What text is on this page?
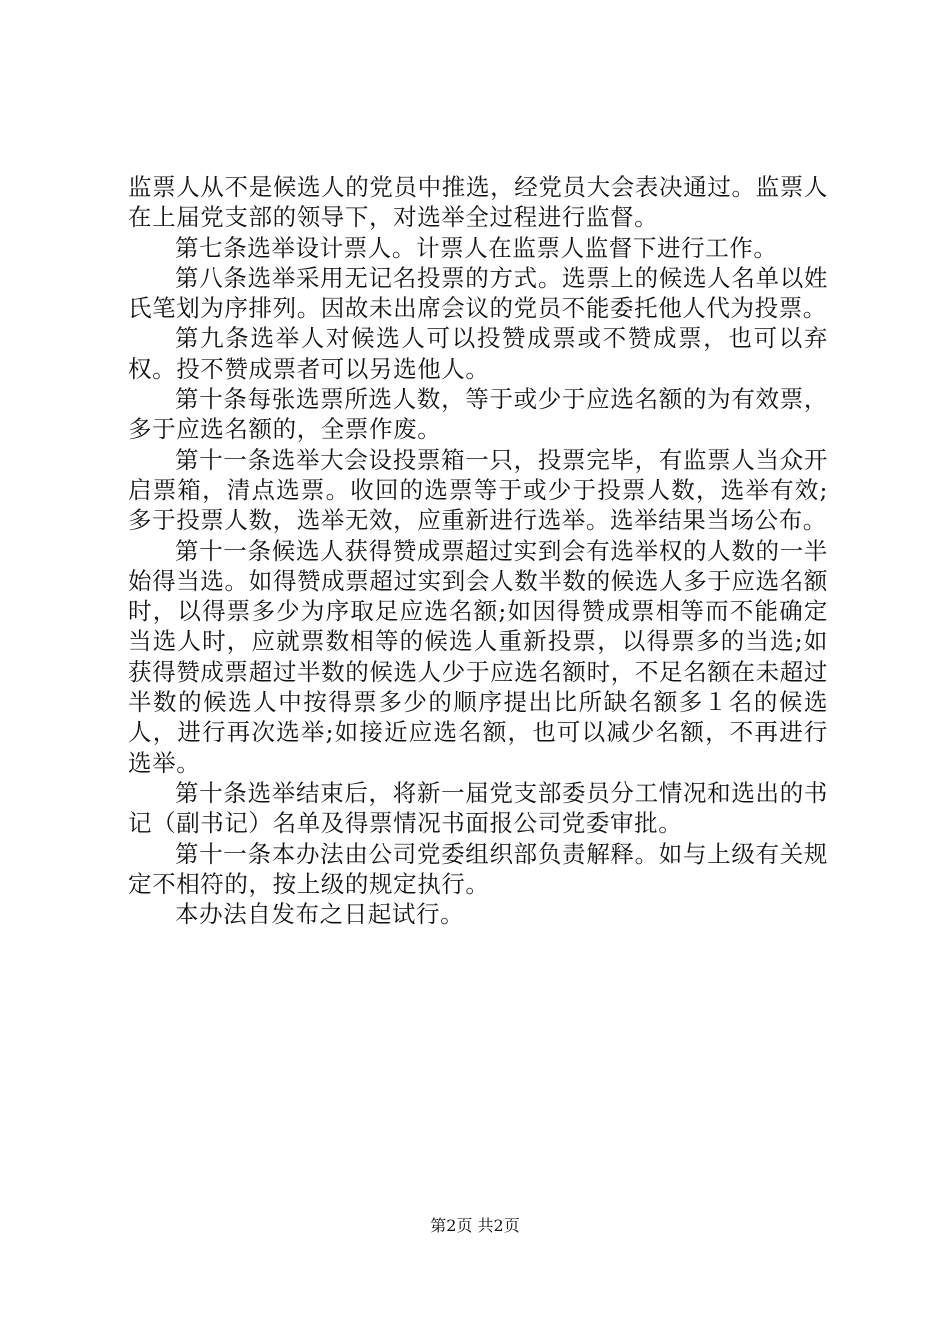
监票人从不是候选人的党员中推选，经党员大会表决通过。监票人在上届党支部的领导下，对选举全过程进行监督。

第七条选举设计票人。计票人在监票人监督下进行工作。

第八条选举采用无记名投票的方式。选票上的候选人名单以姓氏笔划为序排列。因故未出席会议的党员不能委托他人代为投票。

第九条选举人对候选人可以投赞成票或不赞成票，也可以弃权。投不赞成票者可以另选他人。

第十条每张选票所选人数，等于或少于应选名额的为有效票，多于应选名额的，全票作废。

第十一条选举大会设投票箱一只，投票完毕，有监票人当众开启票箱，清点选票。收回的选票等于或少于投票人数，选举有效;多于投票人数，选举无效，应重新进行选举。选举结果当场公布。

第十一条候选人获得赞成票超过实到会有选举权的人数的一半始得当选。如得赞成票超过实到会人数半数的候选人多于应选名额时，以得票多少为序取足应选名额;如因得赞成票相等而不能确定当选人时，应就票数相等的候选人重新投票，以得票多的当选;如获得赞成票超过半数的候选人少于应选名额时，不足名额在未超过半数的候选人中按得票多少的顺序提出比所缺名额多１名的候选人，进行再次选举;如接近应选名额，也可以减少名额，不再进行选举。

第十条选举结束后，将新一届党支部委员分工情况和选出的书记（副书记）名单及得票情况书面报公司党委审批。

第十一条本办法由公司党委组织部负责解释。如与上级有关规定不相符的，按上级的规定执行。

本办法自发布之日起试行。

第2页 共2页
